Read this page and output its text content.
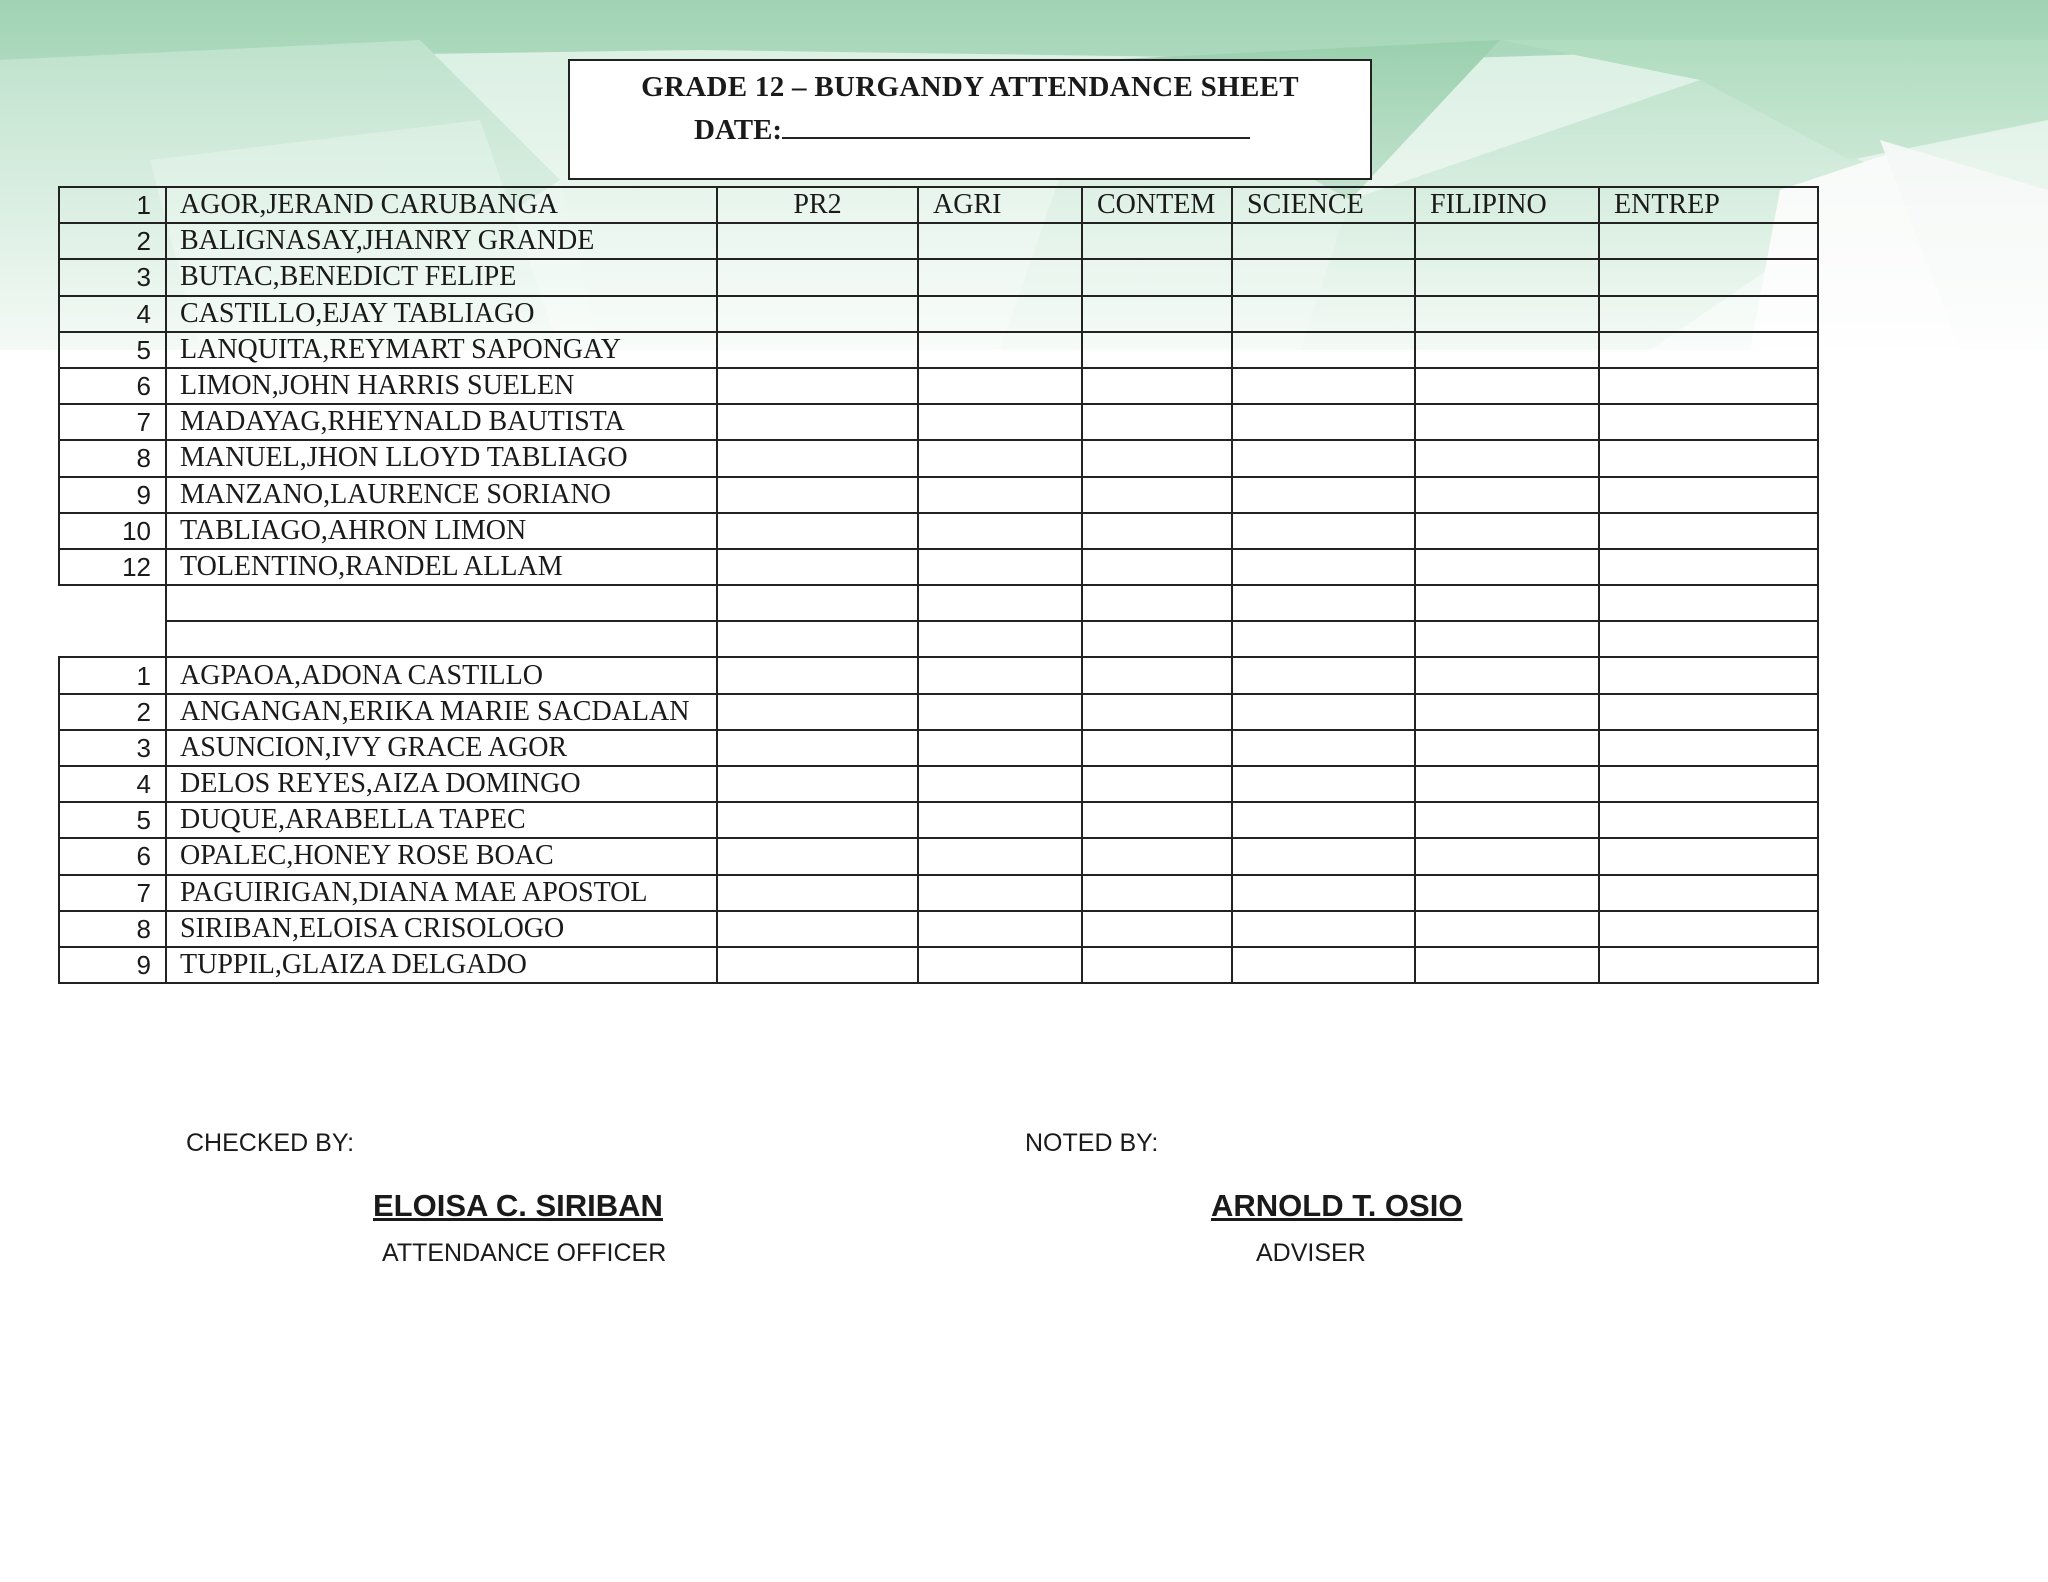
GRADE 12 – BURGANDY ATTENDANCE SHEET
DATE:
1	AGOR,JERAND CARUBANGA	PR2	AGRI	CONTEM	SCIENCE	FILIPINO	ENTREP
2	BALIGNASAY,JHANRY GRANDE						
3	BUTAC,BENEDICT FELIPE						
4	CASTILLO,EJAY TABLIAGO						
5	LANQUITA,REYMART SAPONGAY						
6	LIMON,JOHN HARRIS SUELEN						
7	MADAYAG,RHEYNALD BAUTISTA						
8	MANUEL,JHON LLOYD TABLIAGO						
9	MANZANO,LAURENCE SORIANO						
10	TABLIAGO,AHRON LIMON						
12	TOLENTINO,RANDEL ALLAM						

1	AGPAOA,ADONA CASTILLO						
2	ANGANGAN,ERIKA MARIE SACDALAN						
3	ASUNCION,IVY GRACE AGOR						
4	DELOS REYES,AIZA DOMINGO						
5	DUQUE,ARABELLA TAPEC						
6	OPALEC,HONEY ROSE BOAC						
7	PAGUIRIGAN,DIANA MAE APOSTOL						
8	SIRIBAN,ELOISA CRISOLOGO						
9	TUPPIL,GLAIZA DELGADO						
CHECKED BY:	NOTED BY:
ELOISA C. SIRIBAN	ARNOLD T. OSIO
ATTENDANCE OFFICER	ADVISER
